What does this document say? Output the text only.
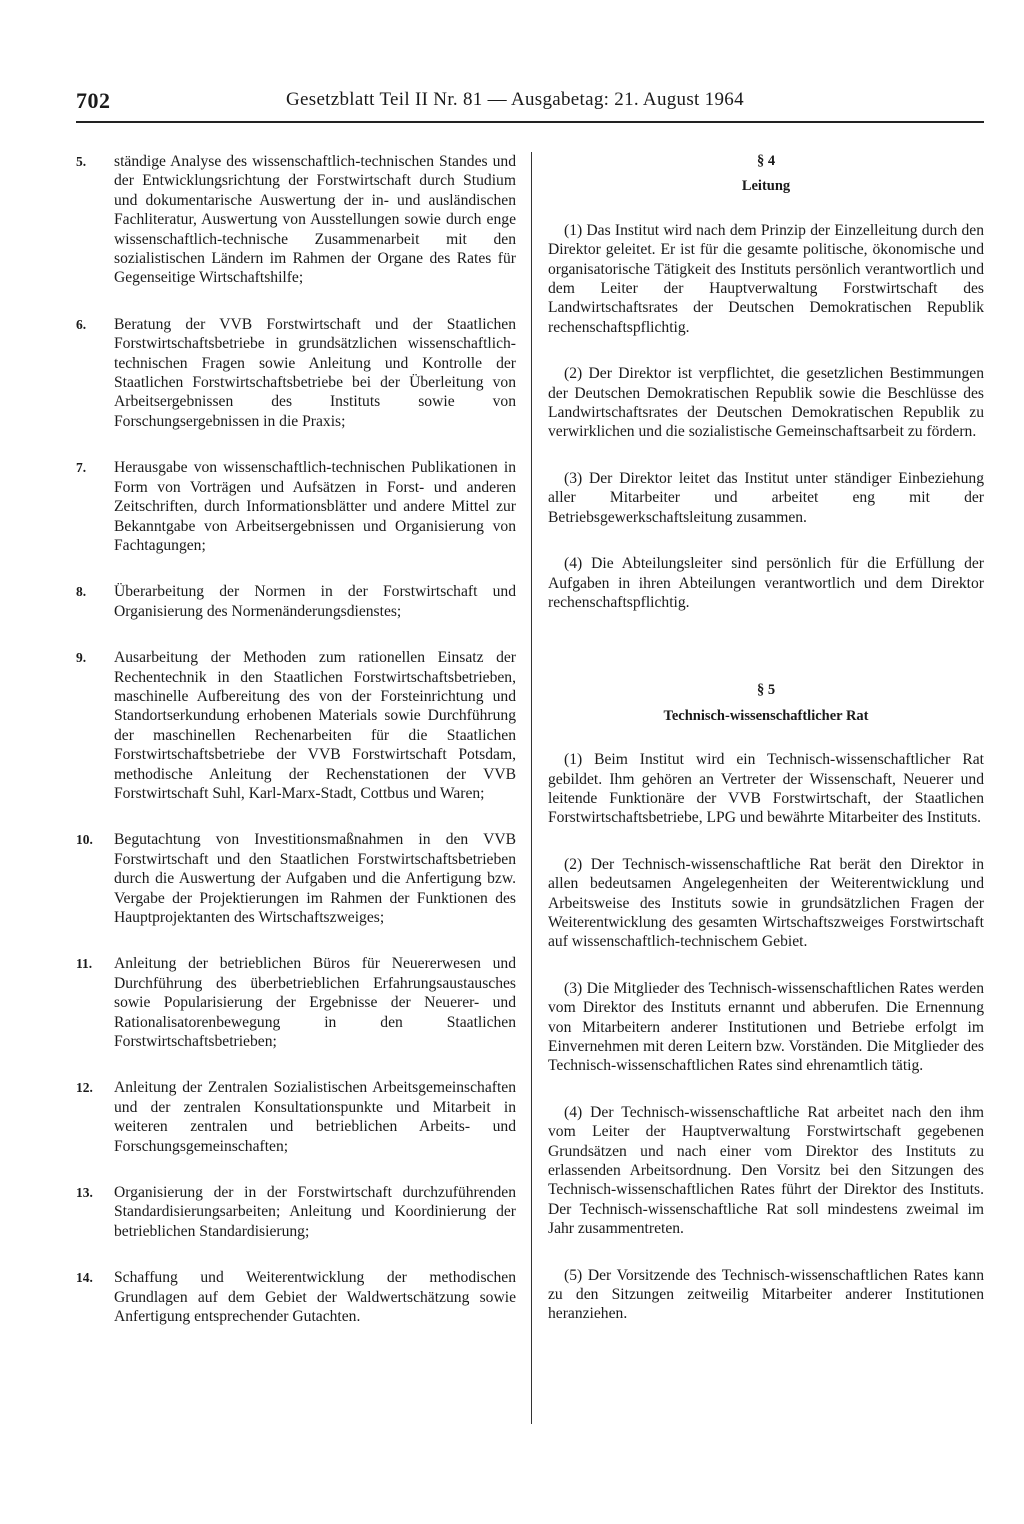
702	Gesetzblatt Teil II Nr. 81 — Ausgabetag: 21. August 1964
5.	ständige Analyse des wissenschaftlich-technischen Standes und der Entwicklungsrichtung der Forstwirtschaft durch Studium und dokumentarische Auswertung der in- und ausländischen Fachliteratur, Auswertung von Ausstellungen sowie durch enge wissenschaftlich-technische Zusammenarbeit mit den sozialistischen Ländern im Rahmen der Organe des Rates für Gegenseitige Wirtschaftshilfe;
6.	Beratung der VVB Forstwirtschaft und der Staatlichen Forstwirtschaftsbetriebe in grundsätzlichen wissenschaftlich-technischen Fragen sowie Anleitung und Kontrolle der Staatlichen Forstwirtschaftsbetriebe bei der Überleitung von Arbeitsergebnissen des Instituts sowie von Forschungsergebnissen in die Praxis;
7.	Herausgabe von wissenschaftlich-technischen Publikationen in Form von Vorträgen und Aufsätzen in Forst- und anderen Zeitschriften, durch Informationsblätter und andere Mittel zur Bekanntgabe von Arbeitsergebnissen und Organisierung von Fachtagungen;
8.	Überarbeitung der Normen in der Forstwirtschaft und Organisierung des Normenänderungsdienstes;
9.	Ausarbeitung der Methoden zum rationellen Einsatz der Rechentechnik in den Staatlichen Forstwirtschaftsbetrieben, maschinelle Aufbereitung des von der Forsteinrichtung und Standortserkundung erhobenen Materials sowie Durchführung der maschinellen Rechenarbeiten für die Staatlichen Forstwirtschaftsbetriebe der VVB Forstwirtschaft Potsdam, methodische Anleitung der Rechenstationen der VVB Forstwirtschaft Suhl, Karl-Marx-Stadt, Cottbus und Waren;
10.	Begutachtung von Investitionsmaßnahmen in den VVB Forstwirtschaft und den Staatlichen Forstwirtschaftsbetrieben durch die Auswertung der Aufgaben und die Anfertigung bzw. Vergabe der Projektierungen im Rahmen der Funktionen des Hauptprojektanten des Wirtschaftszweiges;
11.	Anleitung der betrieblichen Büros für Neuererwesen und Durchführung des überbetrieblichen Erfahrungsaustausches sowie Popularisierung der Ergebnisse der Neuerer- und Rationalisatorenbewegung in den Staatlichen Forstwirtschaftsbetrieben;
12.	Anleitung der Zentralen Sozialistischen Arbeitsgemeinschaften und der zentralen Konsultationspunkte und Mitarbeit in weiteren zentralen und betrieblichen Arbeits- und Forschungsgemeinschaften;
13.	Organisierung der in der Forstwirtschaft durchzuführenden Standardisierungsarbeiten; Anleitung und Koordinierung der betrieblichen Standardisierung;
14.	Schaffung und Weiterentwicklung der methodischen Grundlagen auf dem Gebiet der Waldwertschätzung sowie Anfertigung entsprechender Gutachten.
§ 4
Leitung

(1) Das Institut wird nach dem Prinzip der Einzelleitung durch den Direktor geleitet. Er ist für die gesamte politische, ökonomische und organisatorische Tätigkeit des Instituts persönlich verantwortlich und dem Leiter der Hauptverwaltung Forstwirtschaft des Landwirtschaftsrates der Deutschen Demokratischen Republik rechenschaftspflichtig.

(2) Der Direktor ist verpflichtet, die gesetzlichen Bestimmungen der Deutschen Demokratischen Republik sowie die Beschlüsse des Landwirtschaftsrates der Deutschen Demokratischen Republik zu verwirklichen und die sozialistische Gemeinschaftsarbeit zu fördern.

(3) Der Direktor leitet das Institut unter ständiger Einbeziehung aller Mitarbeiter und arbeitet eng mit der Betriebsgewerkschaftsleitung zusammen.

(4) Die Abteilungsleiter sind persönlich für die Erfüllung der Aufgaben in ihren Abteilungen verantwortlich und dem Direktor rechenschaftspflichtig.

§ 5
Technisch-wissenschaftlicher Rat

(1) Beim Institut wird ein Technisch-wissenschaftlicher Rat gebildet. Ihm gehören an Vertreter der Wissenschaft, Neuerer und leitende Funktionäre der VVB Forstwirtschaft, der Staatlichen Forstwirtschaftsbetriebe, LPG und bewährte Mitarbeiter des Instituts.

(2) Der Technisch-wissenschaftliche Rat berät den Direktor in allen bedeutsamen Angelegenheiten der Weiterentwicklung und Arbeitsweise des Instituts sowie in grundsätzlichen Fragen der Weiterentwicklung des gesamten Wirtschaftszweiges Forstwirtschaft auf wissenschaftlich-technischem Gebiet.

(3) Die Mitglieder des Technisch-wissenschaftlichen Rates werden vom Direktor des Instituts ernannt und abberufen. Die Ernennung von Mitarbeitern anderer Institutionen und Betriebe erfolgt im Einvernehmen mit deren Leitern bzw. Vorständen. Die Mitglieder des Technisch-wissenschaftlichen Rates sind ehrenamtlich tätig.

(4) Der Technisch-wissenschaftliche Rat arbeitet nach den ihm vom Leiter der Hauptverwaltung Forstwirtschaft gegebenen Grundsätzen und nach einer vom Direktor des Instituts zu erlassenden Arbeitsordnung. Den Vorsitz bei den Sitzungen des Technisch-wissenschaftlichen Rates führt der Direktor des Instituts. Der Technisch-wissenschaftliche Rat soll mindestens zweimal im Jahr zusammentreten.

(5) Der Vorsitzende des Technisch-wissenschaftlichen Rates kann zu den Sitzungen zeitweilig Mitarbeiter anderer Institutionen heranziehen.
